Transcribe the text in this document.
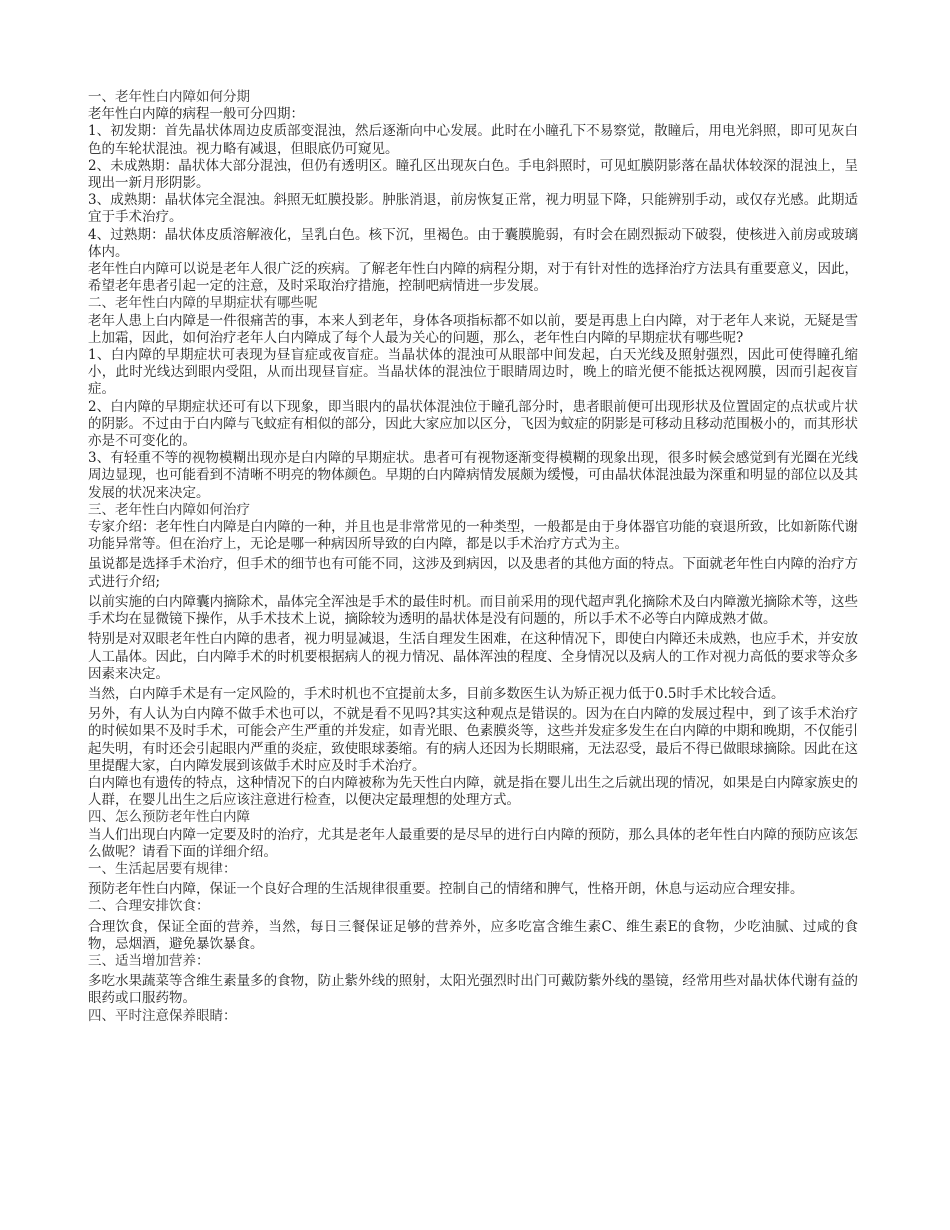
一、老年性白内障如何分期

老年性白内障的病程一般可分四期：

1、初发期：首先晶状体周边皮质部变混浊，然后逐渐向中心发展。此时在小瞳孔下不易察觉，散瞳后，用电光斜照，即可见灰白色的车轮状混浊。视力略有减退，但眼底仍可窥见。

2、未成熟期：晶状体大部分混浊，但仍有透明区。瞳孔区出现灰白色。手电斜照时，可见虹膜阴影落在晶状体较深的混浊上，呈现出一新月形阴影。

3、成熟期：晶状体完全混浊。斜照无虹膜投影。肿胀消退，前房恢复正常，视力明显下降，只能辨别手动，或仅存光感。此期适宜于手术治疗。

4、过熟期：晶状体皮质溶解液化，呈乳白色。核下沉，里褐色。由于囊膜脆弱，有时会在剧烈振动下破裂，使核进入前房或玻璃体内。

老年性白内障可以说是老年人很广泛的疾病。了解老年性白内障的病程分期，对于有针对性的选择治疗方法具有重要意义，因此，希望老年患者引起一定的注意，及时采取治疗措施，控制吧病情进一步发展。

二、老年性白内障的早期症状有哪些呢

老年人患上白内障是一件很痛苦的事，本来人到老年，身体各项指标都不如以前，要是再患上白内障，对于老年人来说，无疑是雪上加霜，因此，如何治疗老年人白内障成了每个人最为关心的问题，那么，老年性白内障的早期症状有哪些呢?

1、白内障的早期症状可表现为昼盲症或夜盲症。当晶状体的混浊可从眼部中间发起，白天光线及照射强烈，因此可使得瞳孔缩小，此时光线达到眼内受阻，从而出现昼盲症。当晶状体的混浊位于眼睛周边时，晚上的暗光便不能抵达视网膜，因而引起夜盲症。

2、白内障的早期症状还可有以下现象，即当眼内的晶状体混浊位于瞳孔部分时，患者眼前便可出现形状及位置固定的点状或片状的阴影。不过由于白内障与飞蚊症有相似的部分，因此大家应加以区分，飞因为蚊症的阴影是可移动且移动范围极小的，而其形状亦是不可变化的。

3、有轻重不等的视物模糊出现亦是白内障的早期症状。患者可有视物逐渐变得模糊的现象出现，很多时候会感觉到有光圈在光线周边显现，也可能看到不清晰不明亮的物体颜色。早期的白内障病情发展颇为缓慢，可由晶状体混浊最为深重和明显的部位以及其发展的状况来决定。

三、老年性白内障如何治疗

专家介绍：老年性白内障是白内障的一种，并且也是非常常见的一种类型，一般都是由于身体器官功能的衰退所致，比如新陈代谢功能异常等。但在治疗上，无论是哪一种病因所导致的白内障，都是以手术治疗方式为主。

虽说都是选择手术治疗，但手术的细节也有可能不同，这涉及到病因，以及患者的其他方面的特点。下面就老年性白内障的治疗方式进行介绍;

以前实施的白内障囊内摘除术，晶体完全浑浊是手术的最佳时机。而目前采用的现代超声乳化摘除术及白内障激光摘除术等，这些手术均在显微镜下操作，从手术技术上说，摘除较为透明的晶状体是没有问题的，所以手术不必等白内障成熟才做。

特别是对双眼老年性白内障的患者，视力明显减退，生活自理发生困难，在这种情况下，即使白内障还未成熟，也应手术，并安放人工晶体。因此，白内障手术的时机要根据病人的视力情况、晶体浑浊的程度、全身情况以及病人的工作对视力高低的要求等众多因素来决定。

当然，白内障手术是有一定风险的，手术时机也不宜提前太多，目前多数医生认为矫正视力低于0.5时手术比较合适。

另外，有人认为白内障不做手术也可以，不就是看不见吗?其实这种观点是错误的。因为在白内障的发展过程中，到了该手术治疗的时候如果不及时手术，可能会产生严重的并发症，如青光眼、色素膜炎等，这些并发症多发生在白内障的中期和晚期，不仅能引起失明，有时还会引起眼内严重的炎症，致使眼球萎缩。有的病人还因为长期眼痛，无法忍受，最后不得已做眼球摘除。因此在这里提醒大家，白内障发展到该做手术时应及时手术治疗。

白内障也有遗传的特点，这种情况下的白内障被称为先天性白内障，就是指在婴儿出生之后就出现的情况，如果是白内障家族史的人群，在婴儿出生之后应该注意进行检查，以便决定最理想的处理方式。

四、怎么预防老年性白内障

当人们出现白内障一定要及时的治疗，尤其是老年人最重要的是尽早的进行白内障的预防，那么具体的老年性白内障的预防应该怎么做呢？请看下面的详细介绍。

一、生活起居要有规律：

预防老年性白内障，保证一个良好合理的生活规律很重要。控制自己的情绪和脾气，性格开朗，休息与运动应合理安排。

二、合理安排饮食：

合理饮食，保证全面的营养，当然，每日三餐保证足够的营养外，应多吃富含维生素C、维生素E的食物，少吃油腻、过咸的食物，忌烟酒，避免暴饮暴食。

三、适当增加营养：

多吃水果蔬菜等含维生素量多的食物，防止紫外线的照射，太阳光强烈时出门可戴防紫外线的墨镜，经常用些对晶状体代谢有益的眼药或口服药物。

四、平时注意保养眼睛：
